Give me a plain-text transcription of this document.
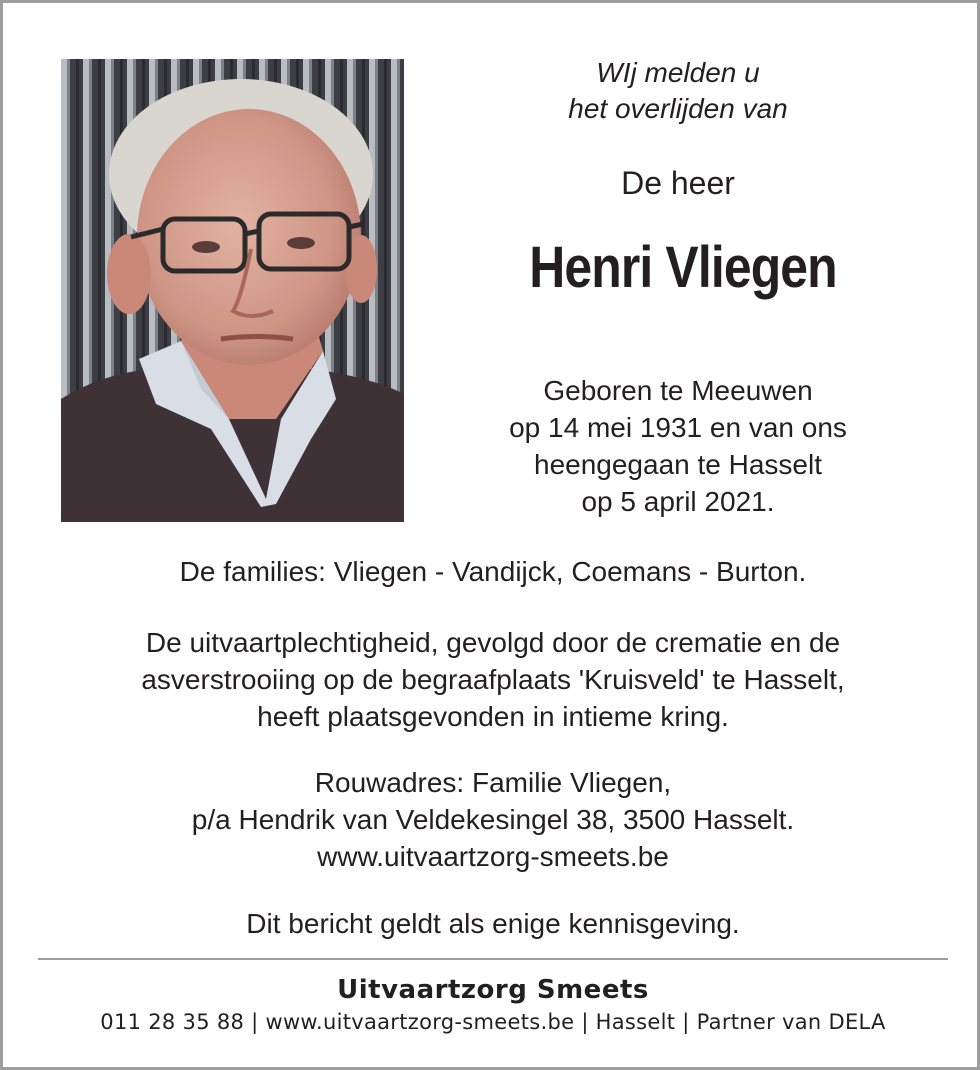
WIj melden u
het overlijden van
De heer
Henri Vliegen
Geboren te Meeuwen
op 14 mei 1931 en van ons
heengegaan te Hasselt
op 5 april 2021.
De families: Vliegen - Vandijck, Coemans - Burton.
De uitvaartplechtigheid, gevolgd door de crematie en de
asverstrooiing op de begraafplaats 'Kruisveld' te Hasselt,
heeft plaatsgevonden in intieme kring.
Rouwadres: Familie Vliegen,
p/a Hendrik van Veldekesingel 38, 3500 Hasselt.
www.uitvaartzorg-smeets.be
Dit bericht geldt als enige kennisgeving.
Uitvaartzorg Smeets
011 28 35 88 | www.uitvaartzorg-smeets.be | Hasselt | Partner van DELA
